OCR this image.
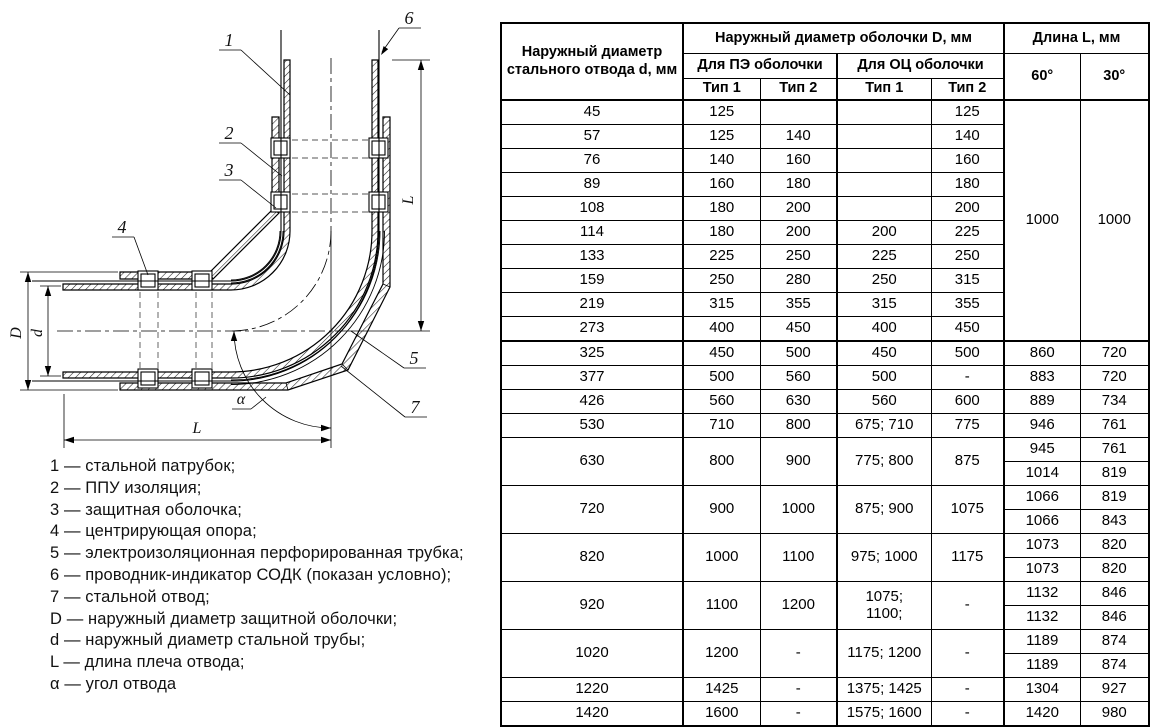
L
L
D d
α
1
2
3
4
5
6
7
1 — стальной патрубок;
2 — ППУ изоляция;
3 — защитная оболочка;
4 — центрирующая опора;
5 — электроизоляционная перфорированная трубка;
6 — проводник-индикатор СОДК (показан условно);
7 — стальной отвод;
D — наружный диаметр защитной оболочки;
d — наружный диаметр стальной трубы;
L — длина плеча отвода;
α — угол отвода
Наружный диаметр стального отвода d, мм	Наружный диаметр оболочки D, мм				Длина L, мм	
	Для ПЭ оболочки		Для ОЦ оболочки		60°	30°
	Тип 1	Тип 2	Тип 1	Тип 2		
45	125			125	1000	1000
57	125	140		140		
76	140	160		160		
89	160	180		180		
108	180	200		200		
114	180	200	200	225		
133	225	250	225	250		
159	250	280	250	315		
219	315	355	315	355		
273	400	450	400	450		
325	450	500	450	500	860	720
377	500	560	500	-	883	720
426	560	630	560	600	889	734
530	710	800	675; 710	775	946	761
630	800	900	775; 800	875	945	761
					1014	819
720	900	1000	875; 900	1075	1066	819
					1066	843
820	1000	1100	975; 1000	1175	1073	820
					1073	820
920	1100	1200	1075; 1100;	-	1132	846
					1132	846
1020	1200	-	1175; 1200	-	1189	874
					1189	874
1220	1425	-	1375; 1425	-	1304	927
1420	1600	-	1575; 1600	-	1420	980
